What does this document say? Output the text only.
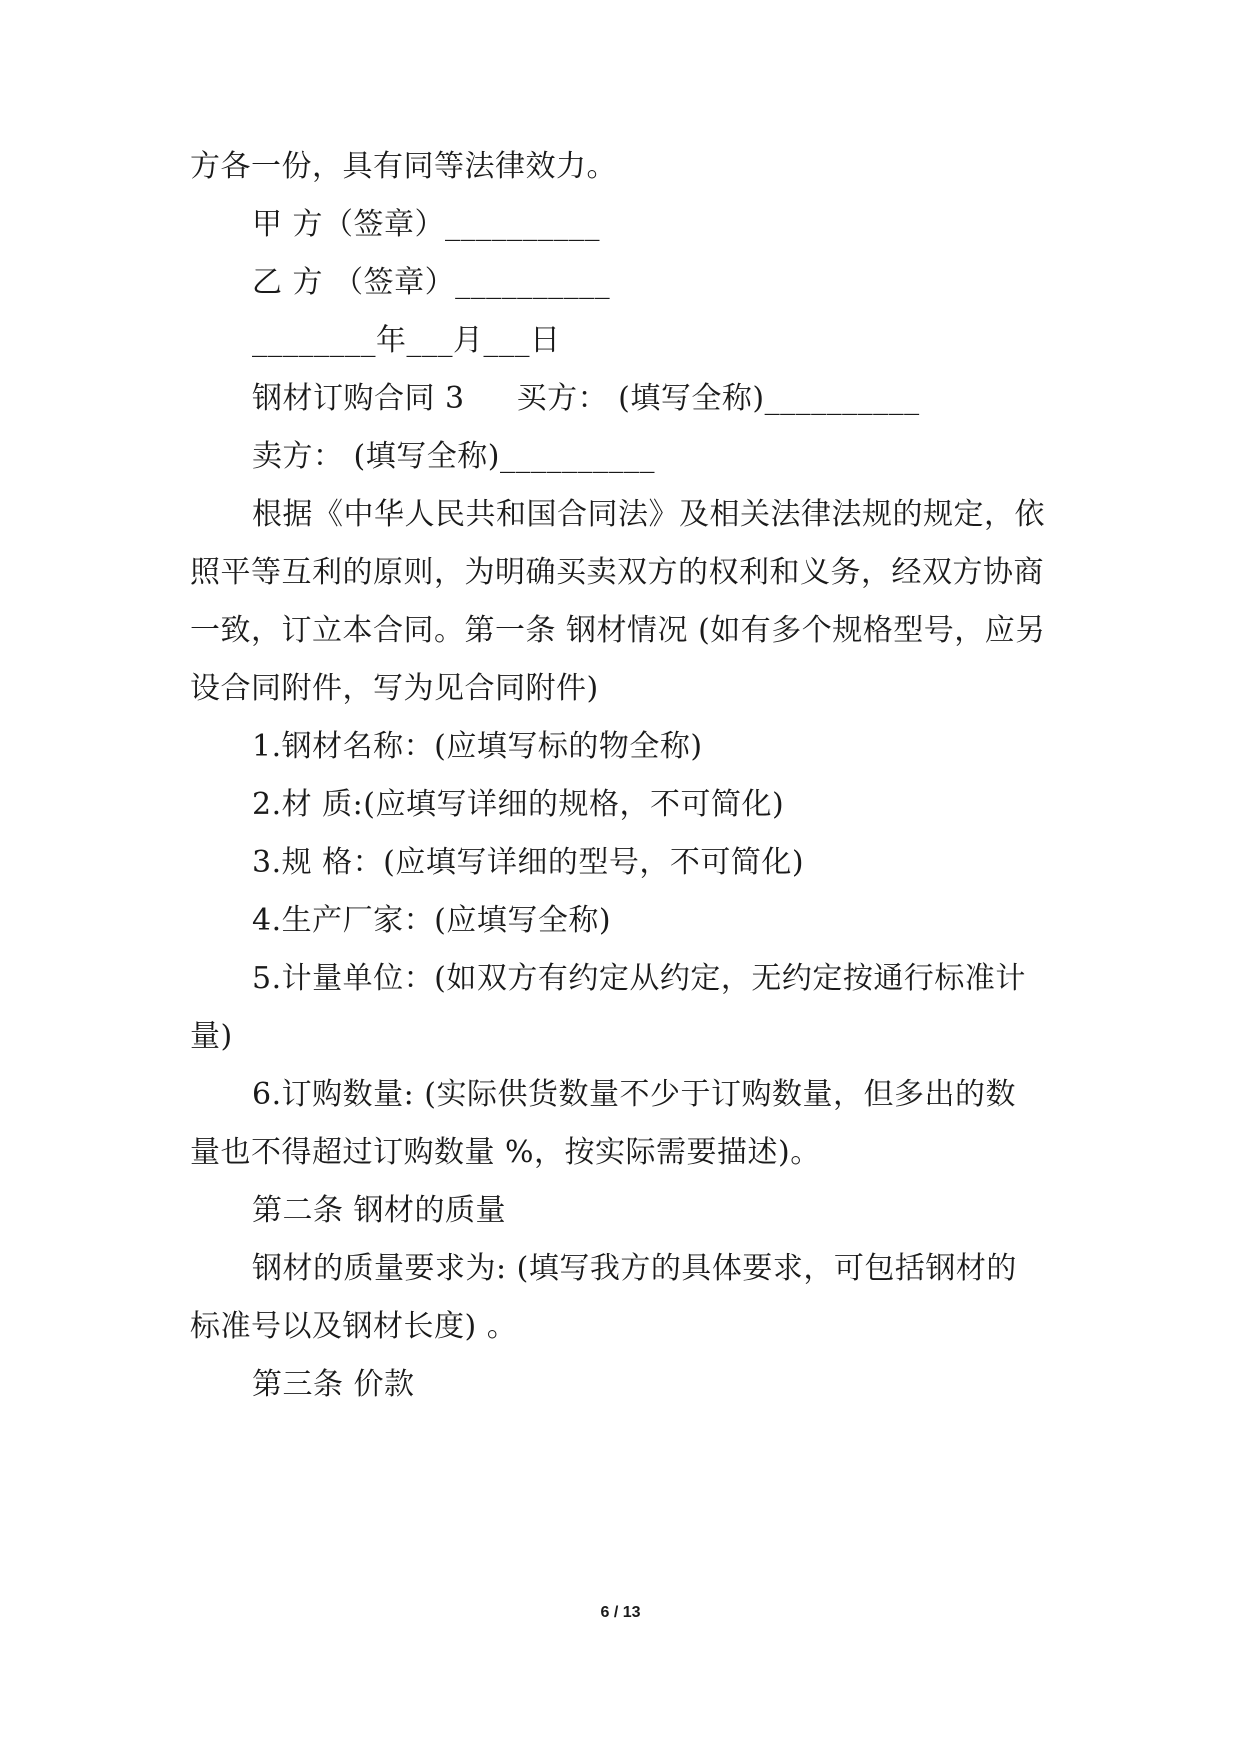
方各一份，具有同等法律效力。
甲 方（签章）__________
乙 方 （签章）__________
________年___月___日
钢材订购合同 3 买方： (填写全称)__________
卖方： (填写全称)__________
根据《中华人民共和国合同法》及相关法律法规的规定，依
照平等互利的原则，为明确买卖双方的权利和义务，经双方协商
一致，订立本合同。第一条 钢材情况 (如有多个规格型号，应另
设合同附件，写为见合同附件)
1.钢材名称：(应填写标的物全称)
2.材 质:(应填写详细的规格，不可简化)
3.规 格：(应填写详细的型号，不可简化)
4.生产厂家：(应填写全称)
5.计量单位：(如双方有约定从约定，无约定按通行标准计
量)
6.订购数量: (实际供货数量不少于订购数量，但多出的数
量也不得超过订购数量 %，按实际需要描述)。
第二条 钢材的质量
钢材的质量要求为: (填写我方的具体要求，可包括钢材的
标准号以及钢材长度) 。
第三条 价款
6 / 13
